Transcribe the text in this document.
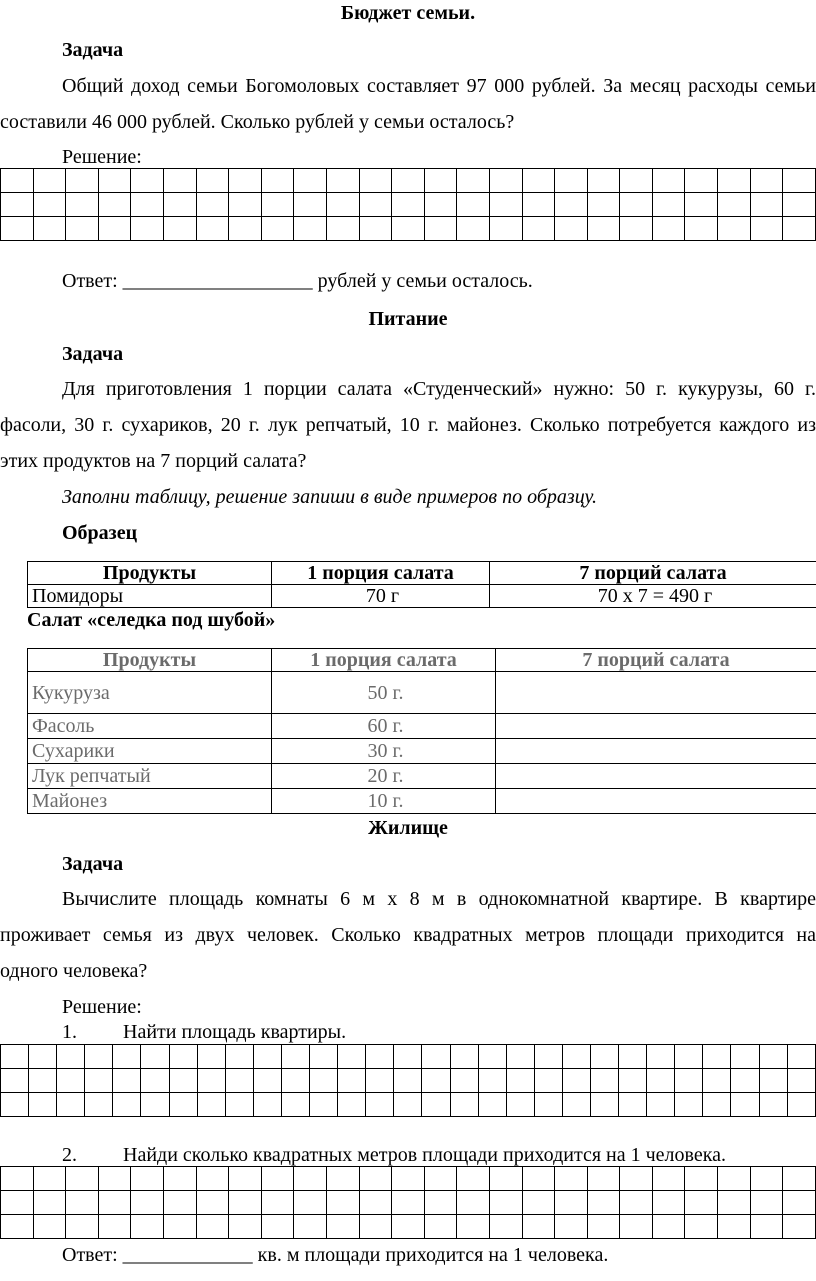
Бюджет семьи.
Задача
Общий доход семьи Богомоловых составляет 97 000 рублей. За месяц расходы семьи
составили 46 000 рублей. Сколько рублей у семьи осталось?
Решение:

Ответ: ___________________ рублей у семьи осталось.
Питание
Задача
Для приготовления 1 порции салата «Студенческий» нужно: 50 г. кукурузы, 60 г.
фасоли, 30 г. сухариков, 20 г. лук репчатый, 10 г. майонез. Сколько потребуется каждого из
этих продуктов на 7 порций салата?
Заполни таблицу, решение запиши в виде примеров по образцу.
Образец
Продукты	1 порция салата	7 порций салата
Помидоры	70 г	70 х 7 = 490 г
Салат «селедка под шубой»
Продукты	1 порция салата	7 порций салата
Кукуруза	50 г.	
Фасоль	60 г.	
Сухарики	30 г.	
Лук репчатый	20 г.	
Майонез	10 г.	
Жилище
Задача
Вычислите площадь комнаты 6 м х 8 м в однокомнатной квартире. В квартире
проживает семья из двух человек. Сколько квадратных метров площади приходится на
одного человека?
Решение:
1. Найти площадь квартиры.

2. Найди сколько квадратных метров площади приходится на 1 человека.

Ответ: _____________ кв. м площади приходится на 1 человека.
